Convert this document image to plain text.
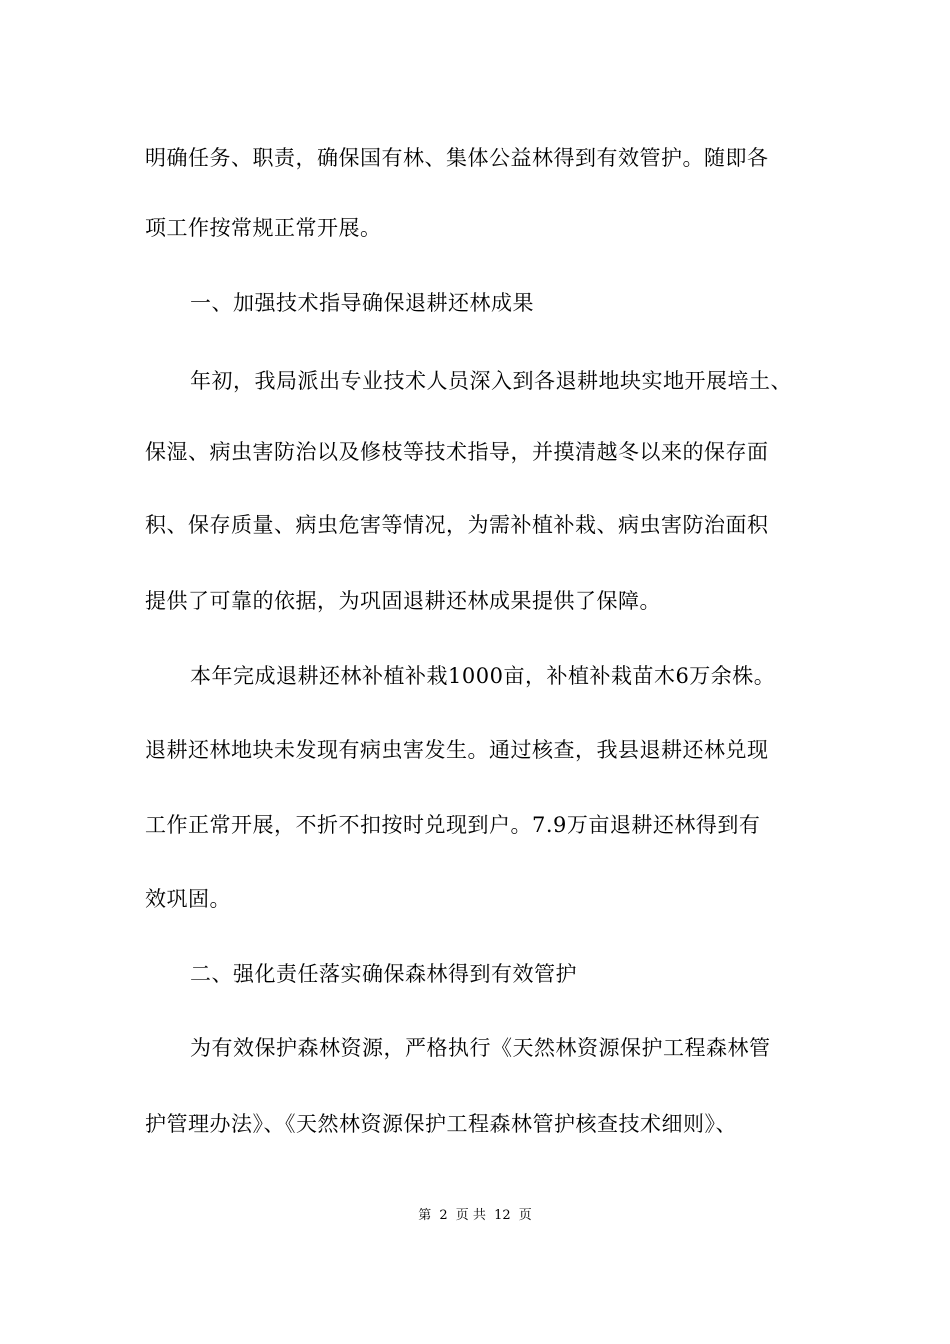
明确任务、职责，确保国有林、集体公益林得到有效管护。随即各
项工作按常规正常开展。
一、加强技术指导确保退耕还林成果
年初，我局派出专业技术人员深入到各退耕地块实地开展培土、
保湿、病虫害防治以及修枝等技术指导，并摸清越冬以来的保存面
积、保存质量、病虫危害等情况，为需补植补栽、病虫害防治面积
提供了可靠的依据，为巩固退耕还林成果提供了保障。
本年完成退耕还林补植补栽1000亩，补植补栽苗木6万余株。
退耕还林地块未发现有病虫害发生。通过核查，我县退耕还林兑现
工作正常开展，不折不扣按时兑现到户。7.9万亩退耕还林得到有
效巩固。
二、强化责任落实确保森林得到有效管护
为有效保护森林资源，严格执行《天然林资源保护工程森林管
护管理办法》、《天然林资源保护工程森林管护核查技术细则》、
第 2 页 共 12 页
